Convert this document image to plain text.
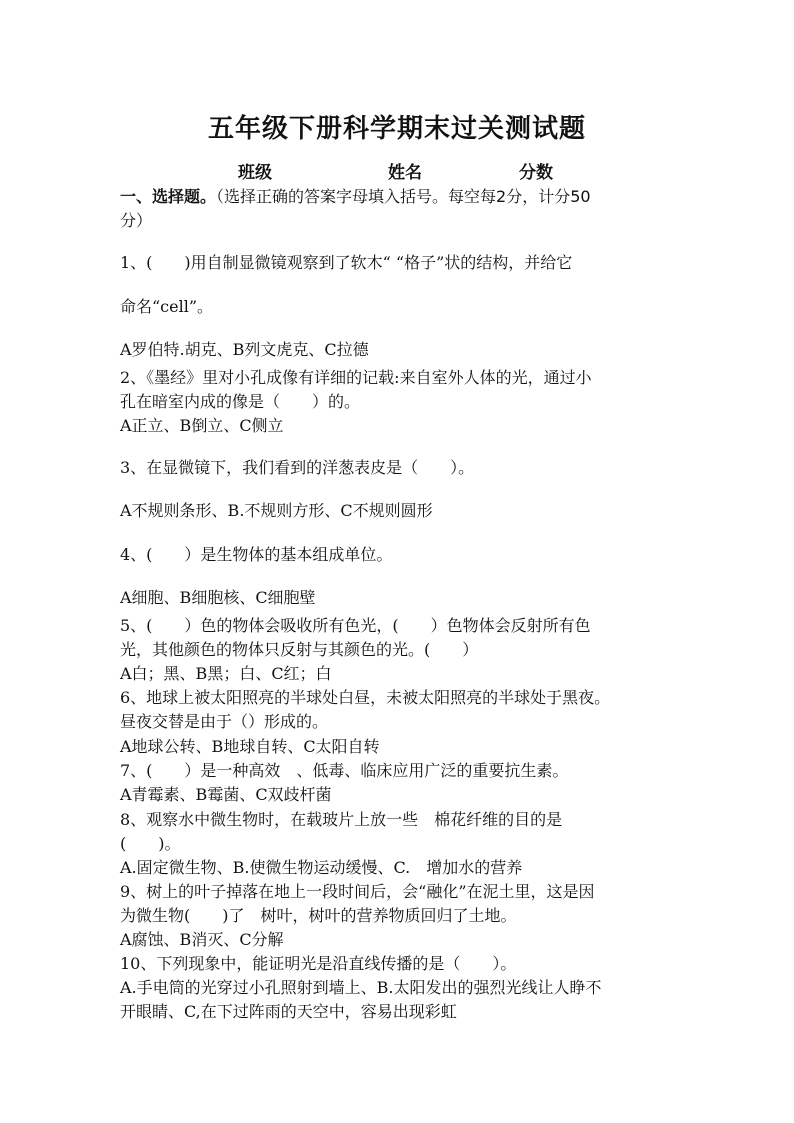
五年级下册科学期末过关测试题
班级	姓名	分数
一、选择题。（选择正确的答案字母填入括号。每空每2分，计分50
分）
1、(　　)用自制显微镜观察到了软木“ “格子”状的结构，并给它
命名“cell”。
A罗伯特.胡克、B列文虎克、C拉德
2、《墨经》里对小孔成像有详细的记载:来自室外人体的光，通过小
孔在暗室内成的像是（　　）的。
A正立、B倒立、C侧立
3、在显微镜下，我们看到的洋葱表皮是（　　）。
A不规则条形、B.不规则方形、C不规则圆形
4、(　　）是生物体的基本组成单位。
A细胞、B细胞核、C细胞壁
5、(　　）色的物体会吸收所有色光，(　　）色物体会反射所有色
光，其他颜色的物体只反射与其颜色的光。(　　）
A白；黑、B黑；白、C红；白
6、地球上被太阳照亮的半球处白昼，未被太阳照亮的半球处于黑夜。
昼夜交替是由于（）形成的。
A地球公转、B地球自转、C太阳自转
7、(　　）是一种高效　、低毒、临床应用广泛的重要抗生素。
A青霉素、B霉菌、C双歧杆菌
8、观察水中微生物时，在载玻片上放一些　棉花纤维的目的是
(　　)。
A.固定微生物、B.使微生物运动缓慢、C.　增加水的营养
9、树上的叶子掉落在地上一段时间后，会“融化”在泥土里，这是因
为微生物(　　)了　树叶，树叶的营养物质回归了土地。
A腐蚀、B消灭、C分解
10、下列现象中，能证明光是沿直线传播的是（　　）。
A.手电筒的光穿过小孔照射到墙上、B.太阳发出的强烈光线让人睁不
开眼睛、C,在下过阵雨的天空中，容易出现彩虹
